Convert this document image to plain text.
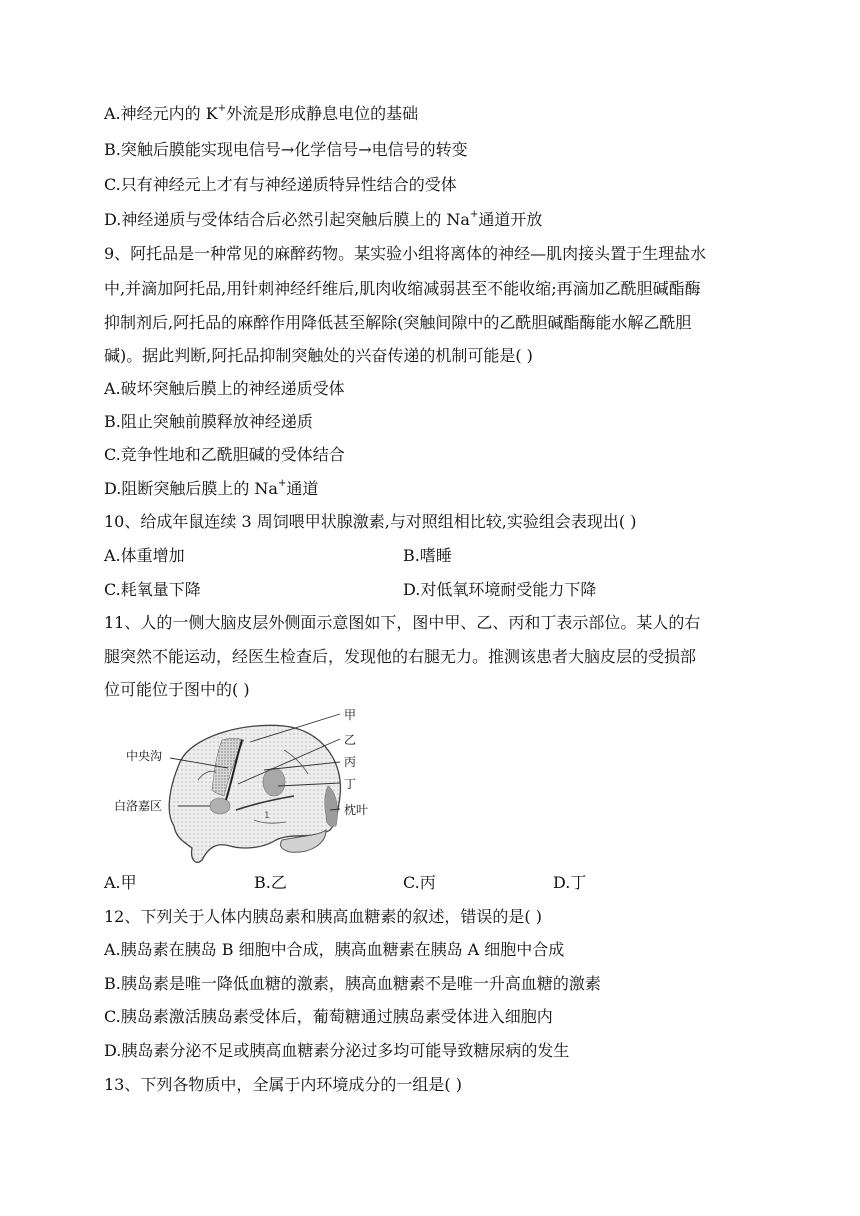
A.神经元内的 K+外流是形成静息电位的基础
B.突触后膜能实现电信号→化学信号→电信号的转变
C.只有神经元上才有与神经递质特异性结合的受体
D.神经递质与受体结合后必然引起突触后膜上的 Na+通道开放
9、阿托品是一种常见的麻醉药物。某实验小组将离体的神经—肌肉接头置于生理盐水
中,并滴加阿托品,用针刺神经纤维后,肌肉收缩减弱甚至不能收缩;再滴加乙酰胆碱酯酶
抑制剂后,阿托品的麻醉作用降低甚至解除(突触间隙中的乙酰胆碱酯酶能水解乙酰胆
碱)。据此判断,阿托品抑制突触处的兴奋传递的机制可能是( )
A.破坏突触后膜上的神经递质受体
B.阻止突触前膜释放神经递质
C.竞争性地和乙酰胆碱的受体结合
D.阻断突触后膜上的 Na+通道
10、给成年鼠连续 3 周饲喂甲状腺激素,与对照组相比较,实验组会表现出( )
A.体重增加	B.嗜睡
C.耗氧量下降	D.对低氧环境耐受能力下降
11、人的一侧大脑皮层外侧面示意图如下，图中甲、乙、丙和丁表示部位。某人的右
腿突然不能运动，经医生检查后，发现他的右腿无力。推测该患者大脑皮层的受损部
位可能位于图中的( )
1
甲
乙
丙
丁
枕叶
中央沟
白洛嘉区
A.甲	B.乙	C.丙	D.丁
12、下列关于人体内胰岛素和胰高血糖素的叙述，错误的是( )
A.胰岛素在胰岛 B 细胞中合成，胰高血糖素在胰岛 A 细胞中合成
B.胰岛素是唯一降低血糖的激素，胰高血糖素不是唯一升高血糖的激素
C.胰岛素激活胰岛素受体后，葡萄糖通过胰岛素受体进入细胞内
D.胰岛素分泌不足或胰高血糖素分泌过多均可能导致糖尿病的发生
13、下列各物质中，全属于内环境成分的一组是( )
